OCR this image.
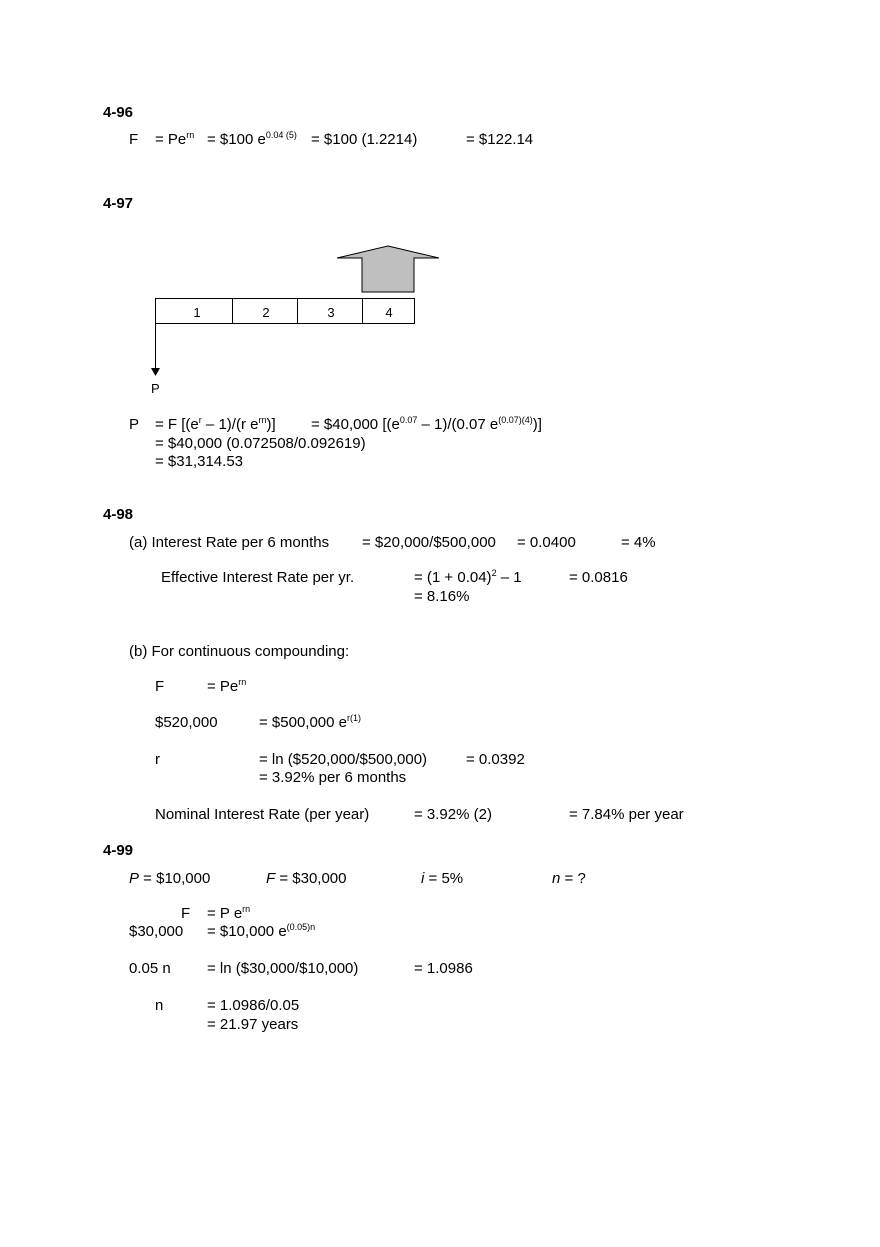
4-96
$F = Pe^{rn}$ = $100 $e^{0.04 (5)}$ = $100 (1.2214)	= $122.14
4-97
1	2	3	4
P
P = F [$(e^r - 1)/(r$ $e^{rn}$)] = $40,000 [$(e^{0.07} - 1)/(0.07$ $e^{(0.07)(4)}$)]
= $40,000 (0.072508/0.092619)
= $31,314.53
4-98
(a) Interest Rate per 6 months = $20,000/$500,000 = 0.0400	= 4%
Effective Interest Rate per yr.	= $(1 + 0.04)^2 - 1$	= 0.0816
= 8.16%
(b) For continuous compounding:
F	= $Pe^{rn}$
$520,000	= $500,000 $e^{r(1)}$
r	= ln ($520,000/$500,000)	= 0.0392
= 3.92% per 6 months
Nominal Interest Rate (per year)	= 3.92% (2)	= 7.84% per year
4-99
P = $10,000	F = $30,000	i = 5%	n = ?
F = P $e^{rn}$
$30,000 = $10,000 $e^{(0.05)n}$
0.05 n = ln ($30,000/$10,000)	= 1.0986
n	= 1.0986/0.05
= 21.97 years
